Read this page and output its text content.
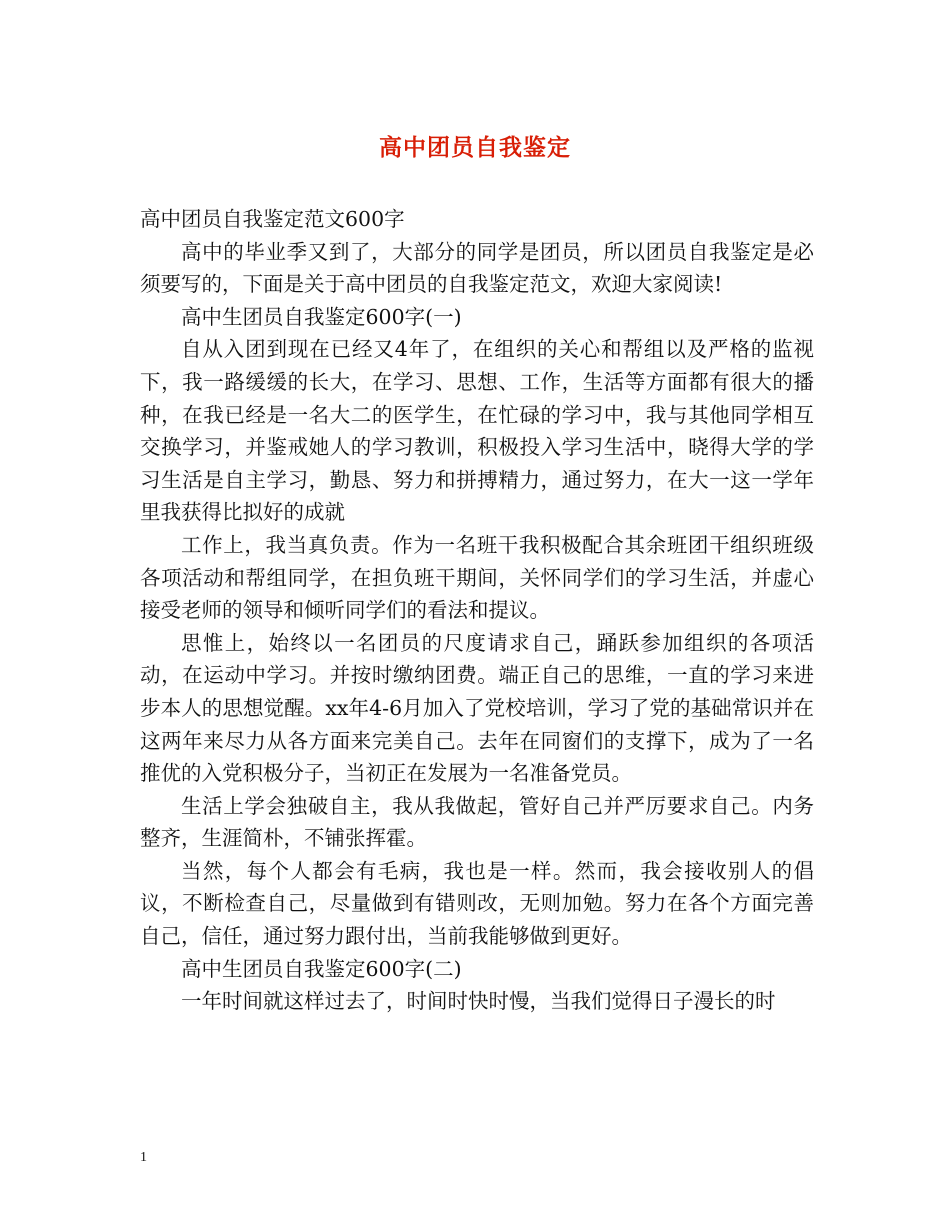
高中团员自我鉴定

高中团员自我鉴定范文600字

高中的毕业季又到了，大部分的同学是团员，所以团员自我鉴定是必须要写的，下面是关于高中团员的自我鉴定范文，欢迎大家阅读!

高中生团员自我鉴定600字(一)

自从入团到现在已经又4年了，在组织的关心和帮组以及严格的监视下，我一路缓缓的长大，在学习、思想、工作，生活等方面都有很大的播种，在我已经是一名大二的医学生，在忙碌的学习中，我与其他同学相互交换学习，并鉴戒她人的学习教训，积极投入学习生活中，晓得大学的学习生活是自主学习，勤恳、努力和拼搏精力，通过努力，在大一这一学年里我获得比拟好的成就

工作上，我当真负责。作为一名班干我积极配合其余班团干组织班级各项活动和帮组同学，在担负班干期间，关怀同学们的学习生活，并虚心接受老师的领导和倾听同学们的看法和提议。

思惟上，始终以一名团员的尺度请求自己，踊跃参加组织的各项活动，在运动中学习。并按时缴纳团费。端正自己的思维，一直的学习来进步本人的思想觉醒。xx年4-6月加入了党校培训，学习了党的基础常识并在这两年来尽力从各方面来完美自己。去年在同窗们的支撑下，成为了一名推优的入党积极分子，当初正在发展为一名准备党员。

生活上学会独破自主，我从我做起，管好自己并严厉要求自己。内务整齐，生涯简朴，不铺张挥霍。

当然，每个人都会有毛病，我也是一样。然而，我会接收别人的倡议，不断检查自己，尽量做到有错则改，无则加勉。努力在各个方面完善自己，信任，通过努力跟付出，当前我能够做到更好。

高中生团员自我鉴定600字(二)

一年时间就这样过去了，时间时快时慢，当我们觉得日子漫长的时

1
